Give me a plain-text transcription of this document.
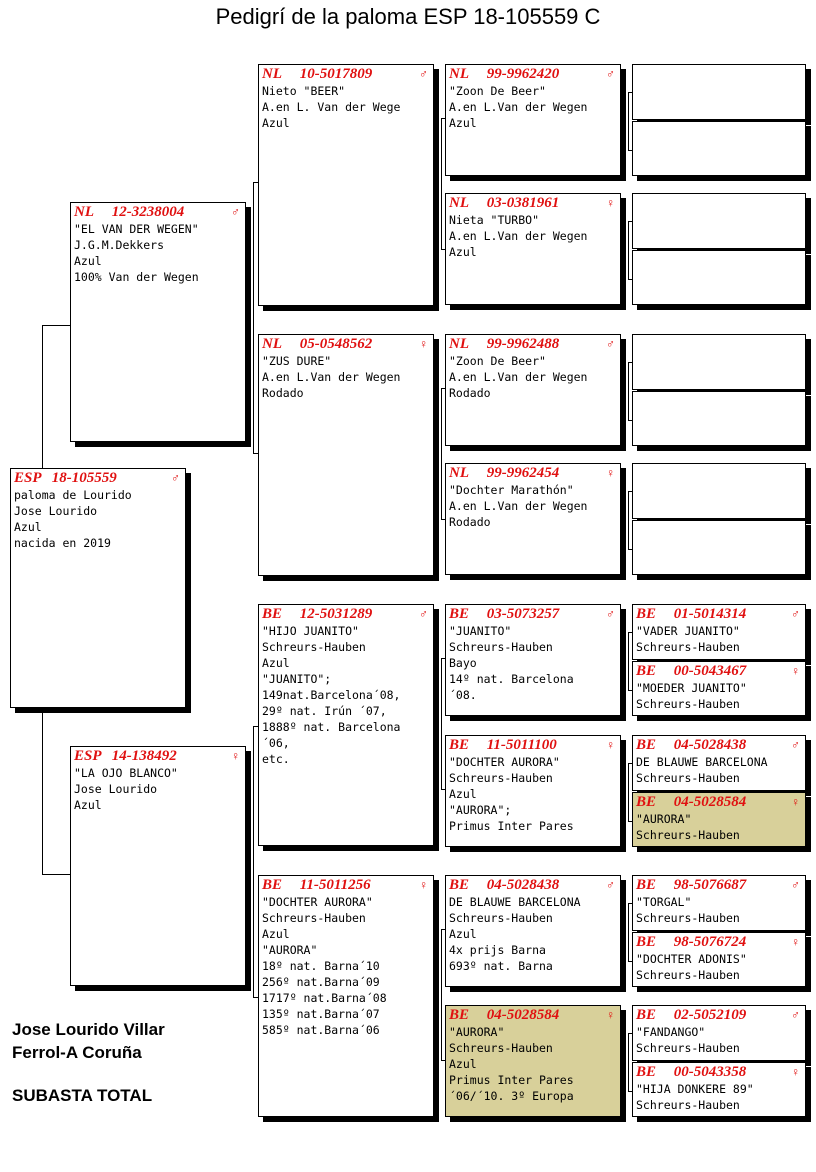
Pedigrí de la paloma ESP 18-105559 C
ESP 18-105559	♂
paloma de Lourido
Jose Lourido
Azul
nacida en 2019
NL 12-3238004	♂
"EL VAN DER WEGEN"
J.G.M.Dekkers
Azul
100% Van der Wegen
ESP 14-138492	♀
"LA OJO BLANCO"
Jose Lourido
Azul
NL 10-5017809	♂
Nieto "BEER"
A.en L. Van der Wege
Azul
NL 05-0548562	♀
"ZUS DURE"
A.en L.Van der Wegen
Rodado
BE 12-5031289	♂
"HIJO JUANITO"
Schreurs-Hauben
Azul
"JUANITO";
149nat.Barcelona´08,
29º nat. Irún ´07,
1888º nat. Barcelona
´06,
etc.
BE 11-5011256	♀
"DOCHTER AURORA"
Schreurs-Hauben
Azul
"AURORA"
18º nat. Barna´10
256º nat.Barna´09
1717º nat.Barna´08
135º nat.Barna´07
585º nat.Barna´06
NL 99-9962420	♂
"Zoon De Beer"
A.en L.Van der Wegen
Azul
NL 03-0381961	♀
Nieta "TURBO"
A.en L.Van der Wegen
Azul
NL 99-9962488	♂
"Zoon De Beer"
A.en L.Van der Wegen
Rodado
NL 99-9962454	♀
"Dochter Marathón"
A.en L.Van der Wegen
Rodado
BE 03-5073257	♂
"JUANITO"
Schreurs-Hauben
Bayo
14º nat. Barcelona
´08.
BE 11-5011100	♀
"DOCHTER AURORA"
Schreurs-Hauben
Azul
"AURORA";
Primus Inter Pares
BE 04-5028438	♂
DE BLAUWE BARCELONA
Schreurs-Hauben
Azul
4x prijs Barna
693º nat. Barna
BE 04-5028584	♀
"AURORA"
Schreurs-Hauben
Azul
Primus Inter Pares
´06/´10. 3º Europa
BE 01-5014314	♂
"VADER JUANITO"
Schreurs-Hauben
BE 00-5043467	♀
"MOEDER JUANITO"
Schreurs-Hauben
BE 04-5028438	♂
DE BLAUWE BARCELONA
Schreurs-Hauben
BE 04-5028584	♀
"AURORA"
Schreurs-Hauben
BE 98-5076687	♂
"TORGAL"
Schreurs-Hauben
BE 98-5076724	♀
"DOCHTER ADONIS"
Schreurs-Hauben
BE 02-5052109	♂
"FANDANGO"
Schreurs-Hauben
BE 00-5043358	♀
"HIJA DONKERE 89"
Schreurs-Hauben
Jose Lourido Villar
Ferrol-A Coruña
SUBASTA TOTAL
